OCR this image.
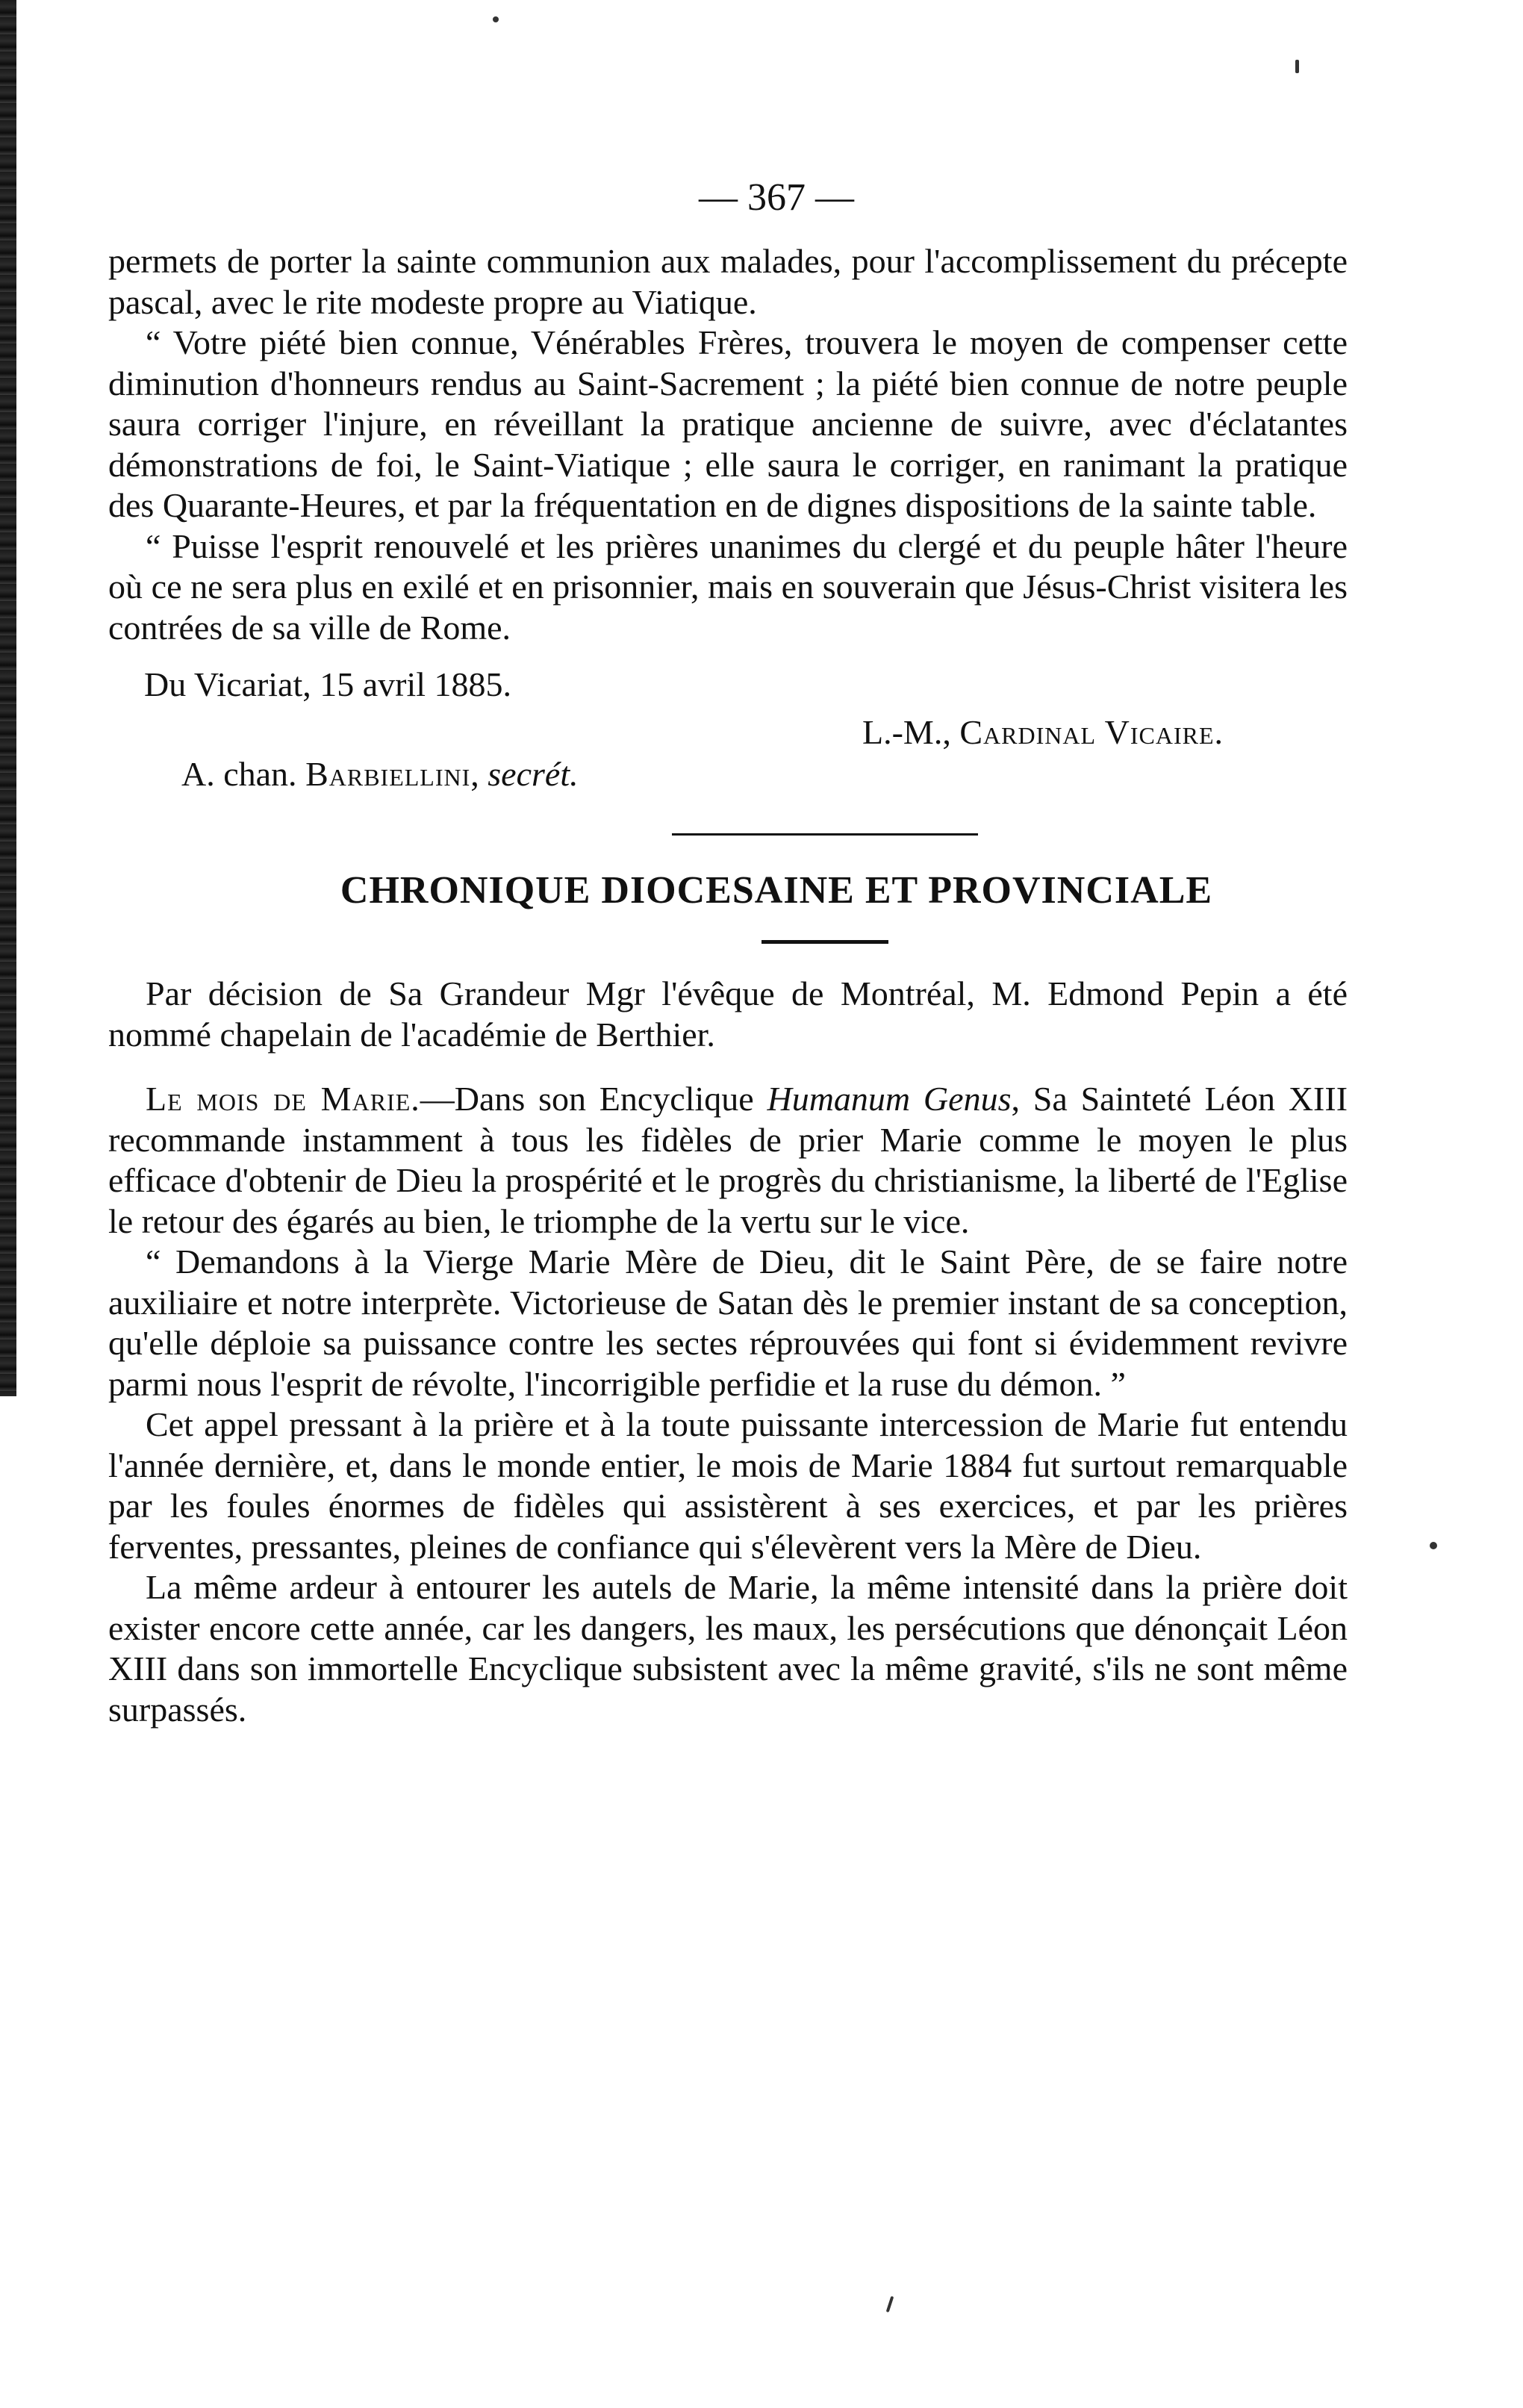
— 367 —

permets de porter la sainte communion aux malades, pour l'accomplissement du précepte pascal, avec le rite modeste propre au Viatique.

“ Votre piété bien connue, Vénérables Frères, trouvera le moyen de compenser cette diminution d'honneurs rendus au Saint-Sacrement ; la piété bien connue de notre peuple saura corriger l'injure, en réveillant la pratique ancienne de suivre, avec d'éclatantes démonstrations de foi, le Saint-Viatique ; elle saura le corriger, en ranimant la pratique des Quarante-Heures, et par la fréquentation en de dignes dispositions de la sainte table.

“ Puisse l'esprit renouvelé et les prières unanimes du clergé et du peuple hâter l'heure où ce ne sera plus en exilé et en prisonnier, mais en souverain que Jésus-Christ visitera les contrées de sa ville de Rome.

Du Vicariat, 15 avril 1885.
L.-M., Cardinal Vicaire.
A. chan. Barbiellini, secrét.
CHRONIQUE DIOCESAINE ET PROVINCIALE

Par décision de Sa Grandeur Mgr l'évêque de Montréal, M. Edmond Pepin a été nommé chapelain de l'académie de Berthier.

Le mois de Marie.—Dans son Encyclique Humanum Genus, Sa Sainteté Léon XIII recommande instamment à tous les fidèles de prier Marie comme le moyen le plus efficace d'obtenir de Dieu la prospérité et le progrès du christianisme, la liberté de l'Eglise le retour des égarés au bien, le triomphe de la vertu sur le vice.

“ Demandons à la Vierge Marie Mère de Dieu, dit le Saint Père, de se faire notre auxiliaire et notre interprète. Victorieuse de Satan dès le premier instant de sa conception, qu'elle déploie sa puissance contre les sectes réprouvées qui font si évidemment revivre parmi nous l'esprit de révolte, l'incorrigible perfidie et la ruse du démon. ”

Cet appel pressant à la prière et à la toute puissante intercession de Marie fut entendu l'année dernière, et, dans le monde entier, le mois de Marie 1884 fut surtout remarquable par les foules énormes de fidèles qui assistèrent à ses exercices, et par les prières ferventes, pressantes, pleines de confiance qui s'élevèrent vers la Mère de Dieu.

La même ardeur à entourer les autels de Marie, la même intensité dans la prière doit exister encore cette année, car les dangers, les maux, les persécutions que dénonçait Léon XIII dans son immortelle Encyclique subsistent avec la même gravité, s'ils ne sont même surpassés.
